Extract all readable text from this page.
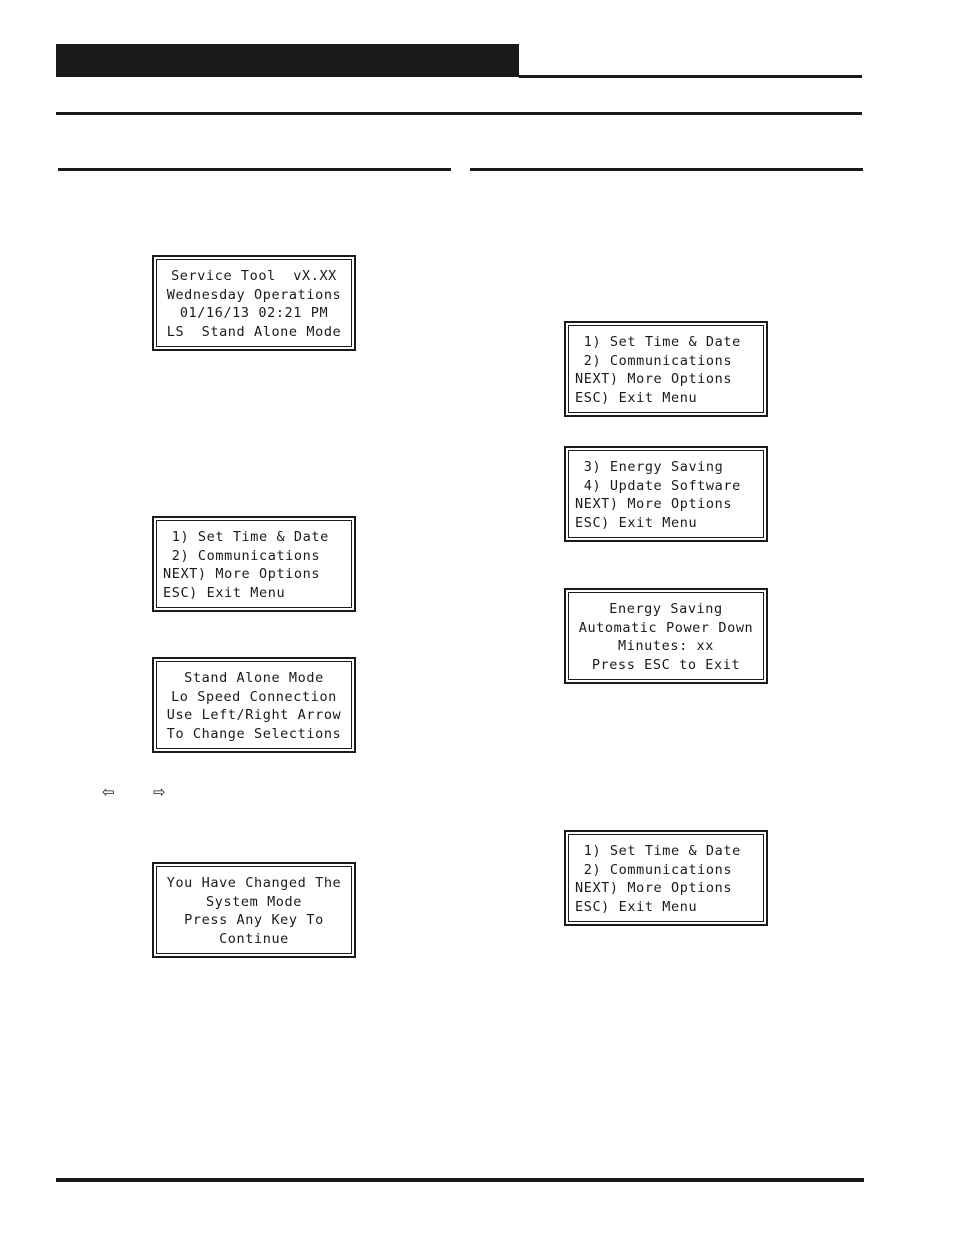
Service Tool  vX.XX
Wednesday Operations
01/16/13 02:21 PM
LS  Stand Alone Mode
1) Set Time & Date
2) Communications
NEXT) More Options
ESC) Exit Menu
Stand Alone Mode
Lo Speed Connection
Use Left/Right Arrow
To Change Selections
⇦	⇨
You Have Changed The
System Mode
Press Any Key To
Continue
1) Set Time & Date
2) Communications
NEXT) More Options
ESC) Exit Menu
3) Energy Saving
4) Update Software
NEXT) More Options
ESC) Exit Menu
Energy Saving
Automatic Power Down
Minutes: xx
Press ESC to Exit
1) Set Time & Date
2) Communications
NEXT) More Options
ESC) Exit Menu
